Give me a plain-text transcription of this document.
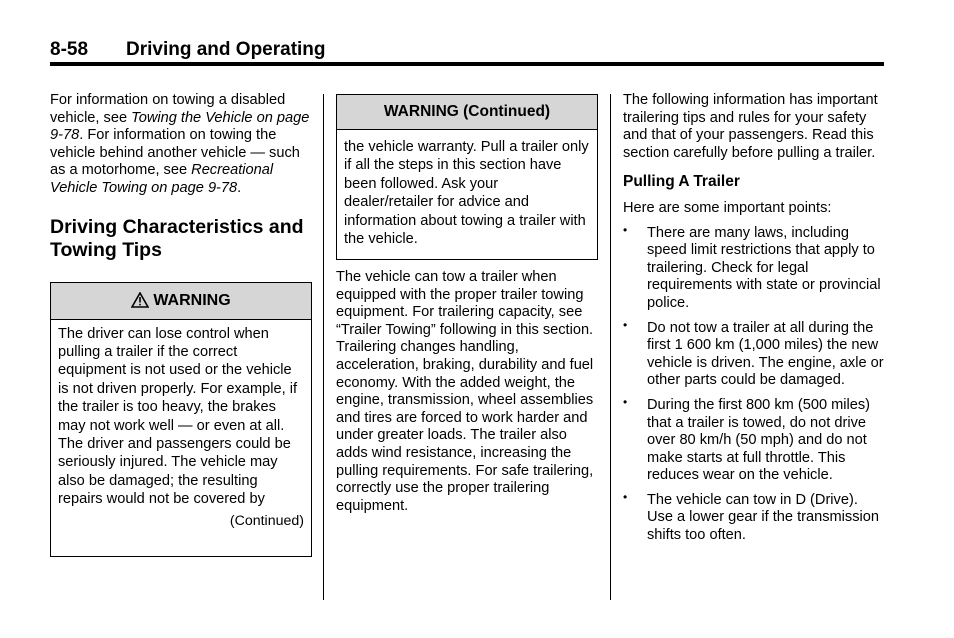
8-58 Driving and Operating

For information on towing a disabled vehicle, see Towing the Vehicle on page 9-78. For information on towing the vehicle behind another vehicle — such as a motorhome, see Recreational Vehicle Towing on page 9-78.

Driving Characteristics and Towing Tips
WARNING

The driver can lose control when pulling a trailer if the correct equipment is not used or the vehicle is not driven properly. For example, if the trailer is too heavy, the brakes may not work well — or even at all. The driver and passengers could be seriously injured. The vehicle may also be damaged; the resulting repairs would not be covered by

(Continued)

WARNING (Continued)
the vehicle warranty. Pull a trailer only if all the steps in this section have been followed. Ask your dealer/retailer for advice and information about towing a trailer with the vehicle.

The vehicle can tow a trailer when equipped with the proper trailer towing equipment. For trailering capacity, see “Trailer Towing” following in this section. Trailering changes handling, acceleration, braking, durability and fuel economy. With the added weight, the engine, transmission, wheel assemblies and tires are forced to work harder and under greater loads. The trailer also adds wind resistance, increasing the pulling requirements. For safe trailering, correctly use the proper trailering equipment.

The following information has important trailering tips and rules for your safety and that of your passengers. Read this section carefully before pulling a trailer.

Pulling A Trailer

Here are some important points:

• There are many laws, including speed limit restrictions that apply to trailering. Check for legal requirements with state or provincial police.
• Do not tow a trailer at all during the first 1 600 km (1,000 miles) the new vehicle is driven. The engine, axle or other parts could be damaged.
• During the first 800 km (500 miles) that a trailer is towed, do not drive over 80 km/h (50 mph) and do not make starts at full throttle. This reduces wear on the vehicle.
• The vehicle can tow in D (Drive). Use a lower gear if the transmission shifts too often.
